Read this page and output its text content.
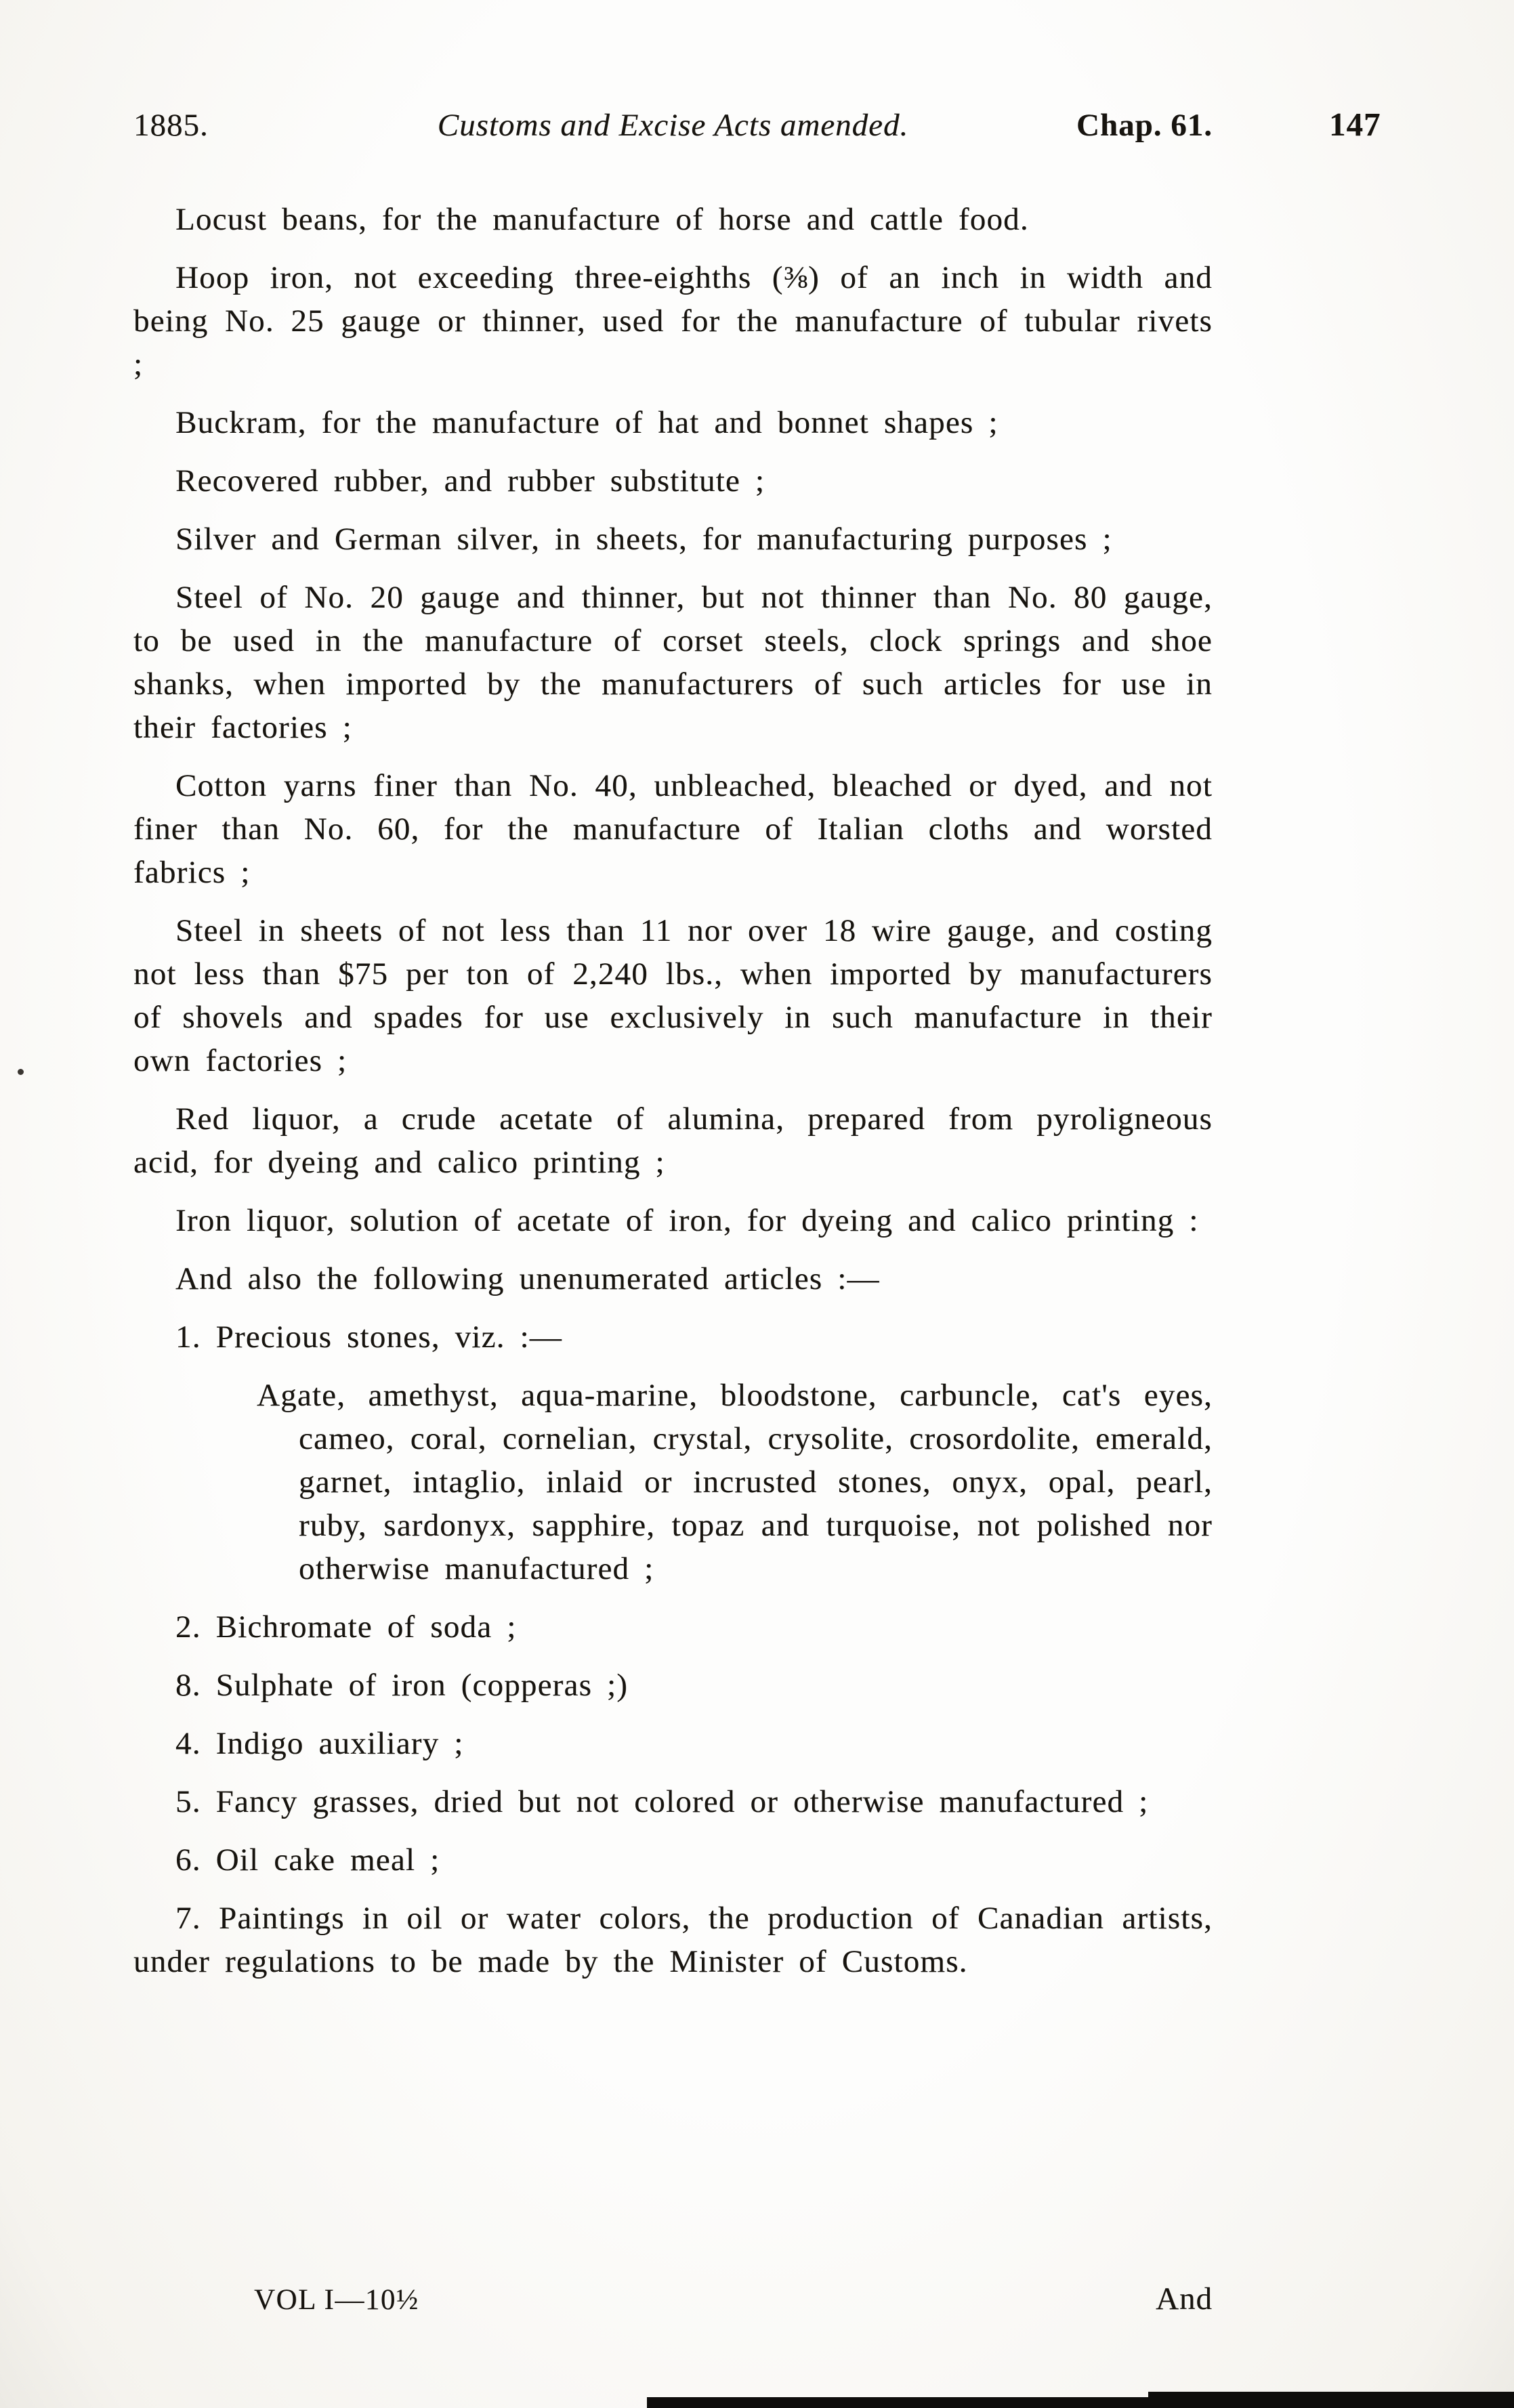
147
1885.	Customs and Excise Acts amended.	Chap. 61.

Locust beans, for the manufacture of horse and cattle food.

Hoop iron, not exceeding three-eighths (⅜) of an inch in width and being No. 25 gauge or thinner, used for the manufacture of tubular rivets ;

Buckram, for the manufacture of hat and bonnet shapes ;

Recovered rubber, and rubber substitute ;

Silver and German silver, in sheets, for manufacturing purposes ;

Steel of No. 20 gauge and thinner, but not thinner than No. 80 gauge, to be used in the manufacture of corset steels, clock springs and shoe shanks, when imported by the manufacturers of such articles for use in their factories ;

Cotton yarns finer than No. 40, unbleached, bleached or dyed, and not finer than No. 60, for the manufacture of Italian cloths and worsted fabrics ;

Steel in sheets of not less than 11 nor over 18 wire gauge, and costing not less than $75 per ton of 2,240 lbs., when imported by manufacturers of shovels and spades for use exclusively in such manufacture in their own factories ;

Red liquor, a crude acetate of alumina, prepared from pyroligneous acid, for dyeing and calico printing ;

Iron liquor, solution of acetate of iron, for dyeing and calico printing :

And also the following unenumerated articles :—

1. Precious stones, viz. :—

Agate, amethyst, aqua-marine, bloodstone, carbuncle, cat's eyes, cameo, coral, cornelian, crystal, crysolite, crosordolite, emerald, garnet, intaglio, inlaid or incrusted stones, onyx, opal, pearl, ruby, sardonyx, sapphire, topaz and turquoise, not polished nor otherwise manufactured ;

2. Bichromate of soda ;

8. Sulphate of iron (copperas ;)

4. Indigo auxiliary ;

5. Fancy grasses, dried but not colored or otherwise manufactured ;

6. Oil cake meal ;

7. Paintings in oil or water colors, the production of Canadian artists, under regulations to be made by the Minister of Customs.

VOL I—10½	And
